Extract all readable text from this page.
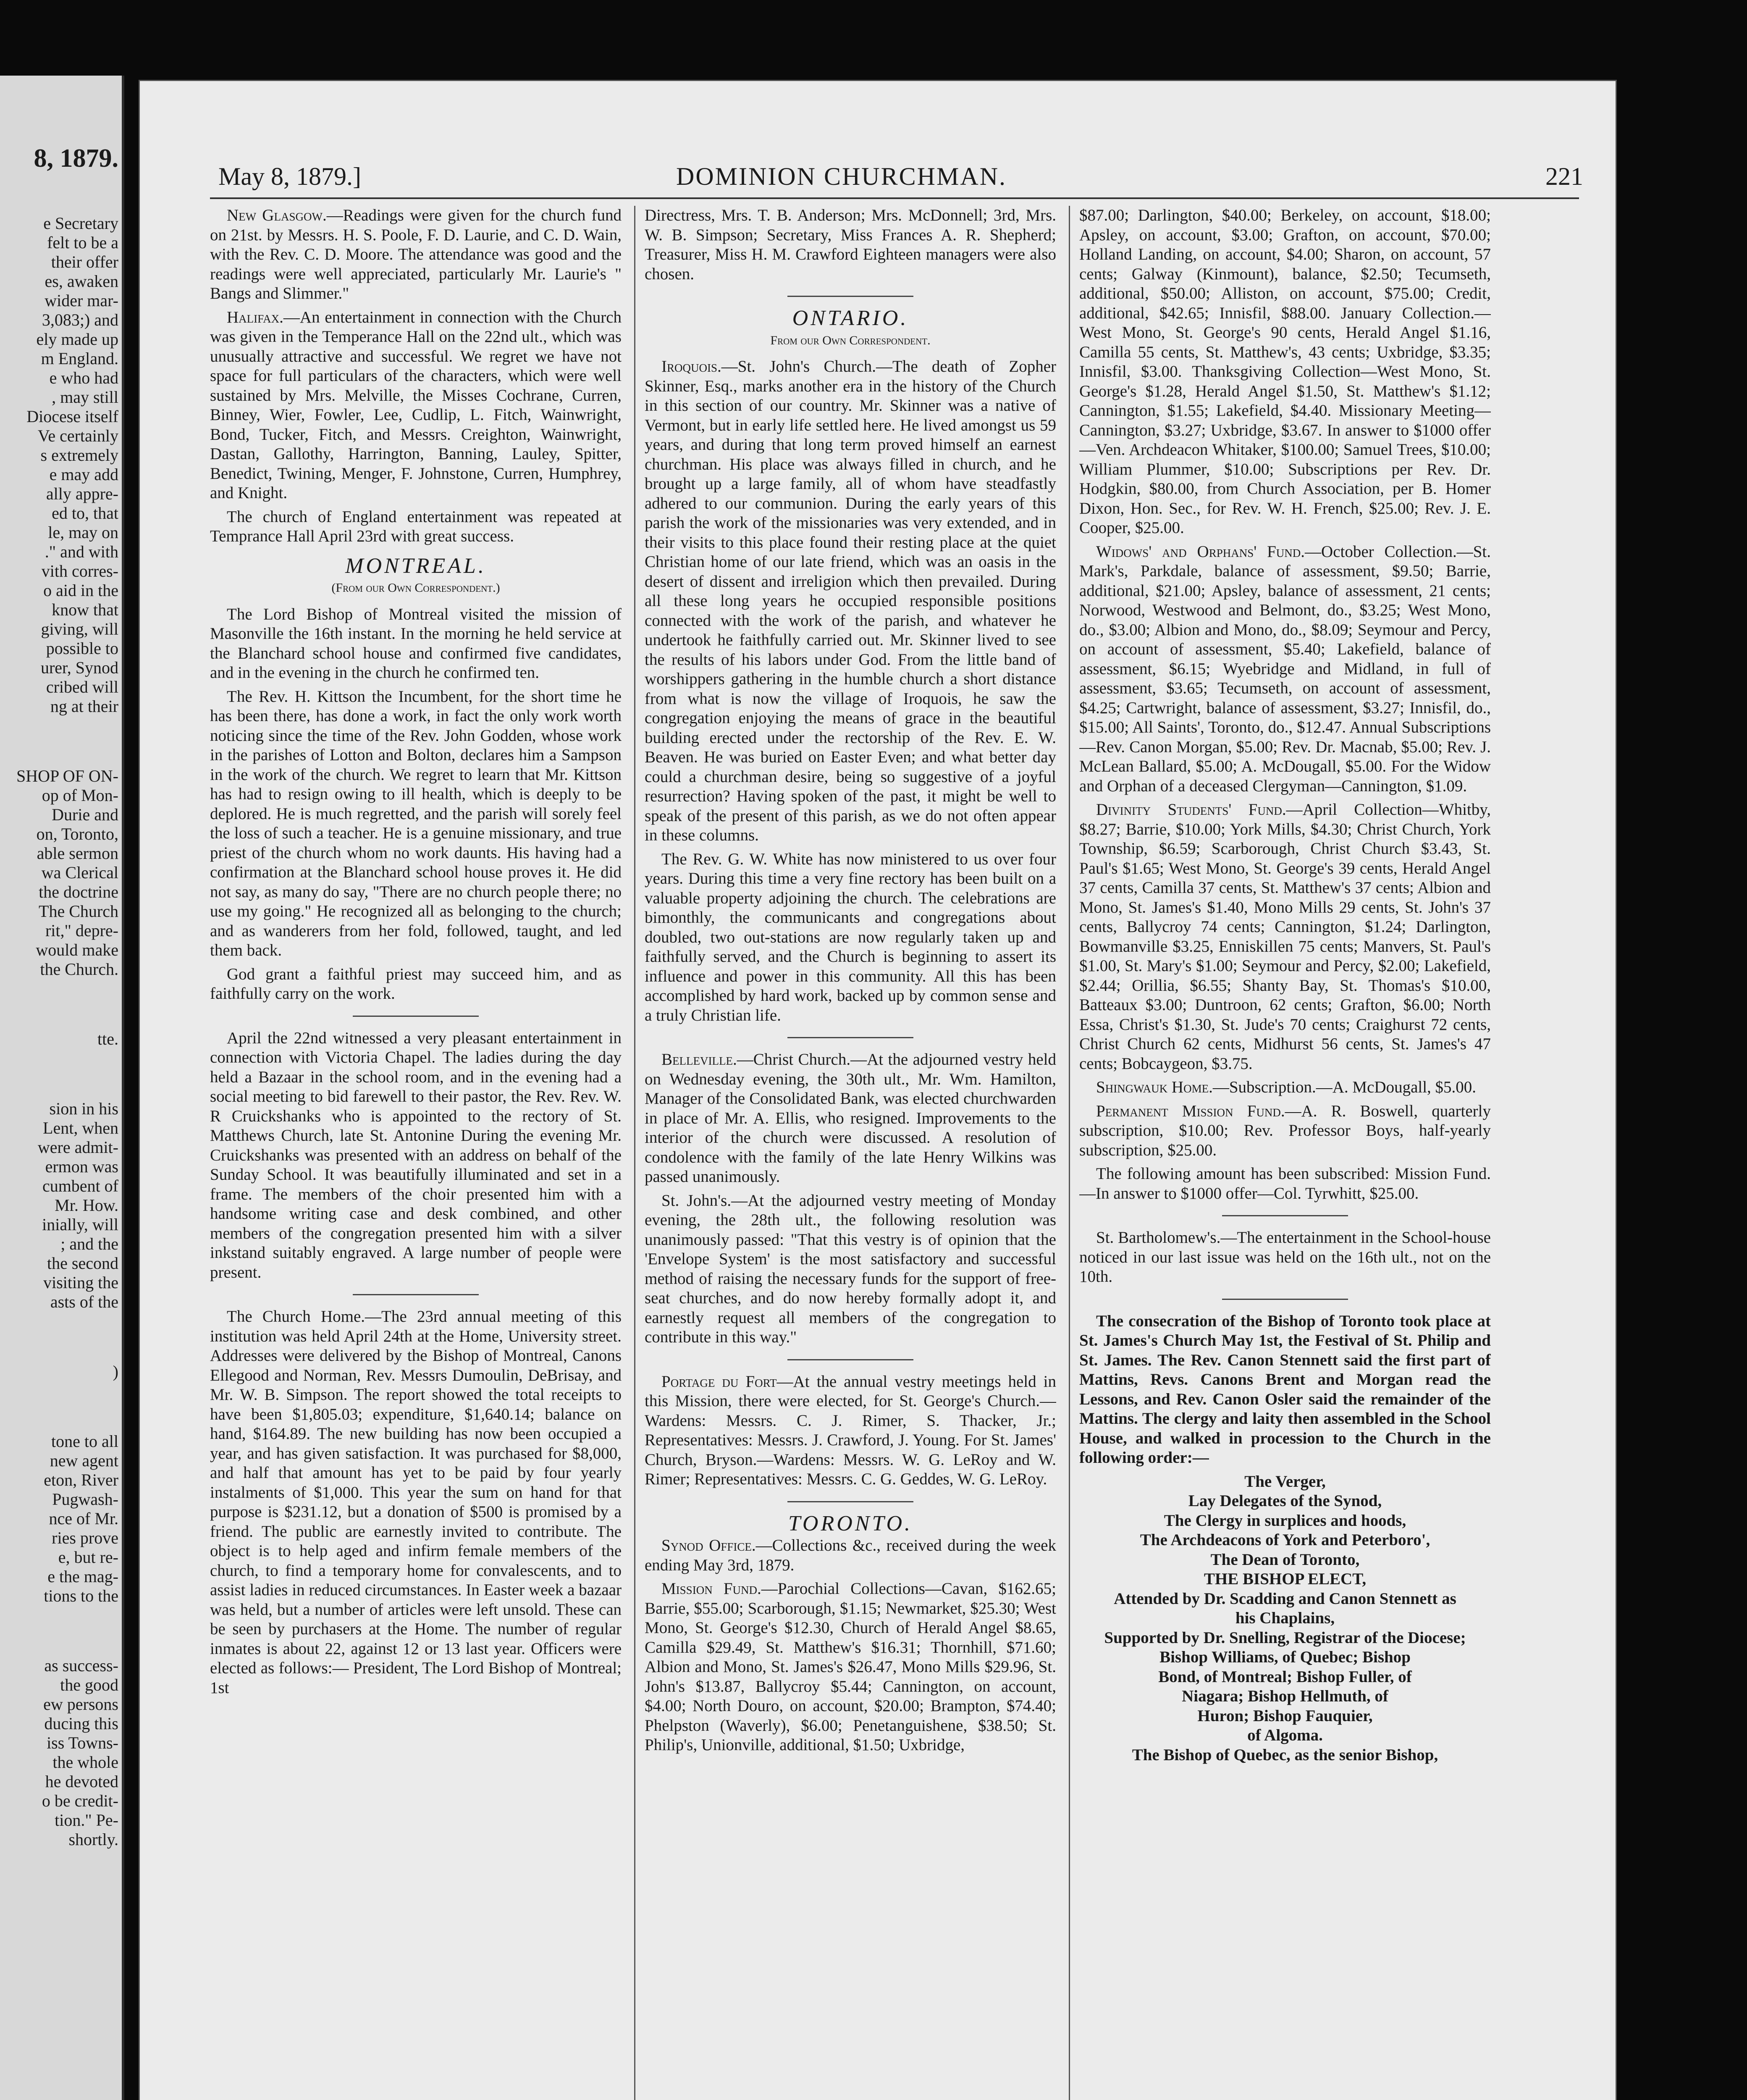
8, 1879.
e Secretary
felt to be a
their offer
es, awaken
wider mar-
3,083;) and
ely made up
m England.
e who had
, may still
Diocese itself
Ve certainly
s extremely
e may add
ally appre-
ed to, that
le, may on
." and with
vith corres-
o aid in the
know that
giving, will
possible to
urer, Synod
cribed will
ng at their
SHOP OF ON-
op of Mon-
Durie and
on, Toronto,
able sermon
wa Clerical
the doctrine
The Church
rit," depre-
would make
the Church.
tte.
sion in his
Lent, when
were admit-
ermon was
cumbent of
Mr. How.
inially, will
; and the
the second
visiting the
asts of the
)
tone to all
new agent
eton, River
Pugwash-
nce of Mr.
ries prove
e, but re-
e the mag-
tions to the
as success-
the good
ew persons
ducing this
iss Towns-
the whole
he devoted
o be credit-
tion." Pe-
shortly.
May 8, 1879.]	DOMINION CHURCHMAN.	221

New Glasgow.—Readings were given for the church fund on 21st. by Messrs. H. S. Poole, F. D. Laurie, and C. D. Wain, with the Rev. C. D. Moore. The attendance was good and the readings were well appreciated, particularly Mr. Laurie's " Bangs and Slimmer."

Halifax.—An entertainment in connection with the Church was given in the Temperance Hall on the 22nd ult., which was unusually attractive and successful. We regret we have not space for full particulars of the characters, which were well sustained by Mrs. Melville, the Misses Cochrane, Curren, Binney, Wier, Fowler, Lee, Cudlip, L. Fitch, Wainwright, Bond, Tucker, Fitch, and Messrs. Creighton, Wainwright, Dastan, Gallothy, Harrington, Banning, Lauley, Spitter, Benedict, Twining, Menger, F. Johnstone, Curren, Humphrey, and Knight.

The church of England entertainment was repeated at Temprance Hall April 23rd with great success.

MONTREAL.
(From our Own Correspondent.)

The Lord Bishop of Montreal visited the mission of Masonville the 16th instant. In the morning he held service at the Blanchard school house and confirmed five candidates, and in the evening in the church he confirmed ten.

The Rev. H. Kittson the Incumbent, for the short time he has been there, has done a work, in fact the only work worth noticing since the time of the Rev. John Godden, whose work in the parishes of Lotton and Bolton, declares him a Sampson in the work of the church. We regret to learn that Mr. Kittson has had to resign owing to ill health, which is deeply to be deplored. He is much regretted, and the parish will sorely feel the loss of such a teacher. He is a genuine missionary, and true priest of the church whom no work daunts. His having had a confirmation at the Blanchard school house proves it. He did not say, as many do say, "There are no church people there; no use my going." He recognized all as belonging to the church; and as wanderers from her fold, followed, taught, and led them back.

God grant a faithful priest may succeed him, and as faithfully carry on the work.

April the 22nd witnessed a very pleasant entertainment in connection with Victoria Chapel. The ladies during the day held a Bazaar in the school room, and in the evening had a social meeting to bid farewell to their pastor, the Rev. Rev. W. R Cruickshanks who is appointed to the rectory of St. Matthews Church, late St. Antonine During the evening Mr. Cruickshanks was presented with an address on behalf of the Sunday School. It was beautifully illuminated and set in a frame. The members of the choir presented him with a handsome writing case and desk combined, and other members of the congregation presented him with a silver inkstand suitably engraved. A large number of people were present.

The Church Home.—The 23rd annual meeting of this institution was held April 24th at the Home, University street. Addresses were delivered by the Bishop of Montreal, Canons Ellegood and Norman, Rev. Messrs Dumoulin, DeBrisay, and Mr. W. B. Simpson. The report showed the total receipts to have been $1,805.03; expenditure, $1,640.14; balance on hand, $164.89. The new building has now been occupied a year, and has given satisfaction. It was purchased for $8,000, and half that amount has yet to be paid by four yearly instalments of $1,000. This year the sum on hand for that purpose is $231.12, but a donation of $500 is promised by a friend. The public are earnestly invited to contribute. The object is to help aged and infirm female members of the church, to find a temporary home for convalescents, and to assist ladies in reduced circumstances. In Easter week a bazaar was held, but a number of articles were left unsold. These can be seen by purchasers at the Home. The number of regular inmates is about 22, against 12 or 13 last year. Officers were elected as follows:— President, The Lord Bishop of Montreal; 1st

Directress, Mrs. T. B. Anderson; Mrs. McDonnell; 3rd, Mrs. W. B. Simpson; Secretary, Miss Frances A. R. Shepherd; Treasurer, Miss H. M. Crawford Eighteen managers were also chosen.

ONTARIO.
From our Own Correspondent.

Iroquois.—St. John's Church.—The death of Zopher Skinner, Esq., marks another era in the history of the Church in this section of our country. Mr. Skinner was a native of Vermont, but in early life settled here. He lived amongst us 59 years, and during that long term proved himself an earnest churchman. His place was always filled in church, and he brought up a large family, all of whom have steadfastly adhered to our communion. During the early years of this parish the work of the missionaries was very extended, and in their visits to this place found their resting place at the quiet Christian home of our late friend, which was an oasis in the desert of dissent and irreligion which then prevailed. During all these long years he occupied responsible positions connected with the work of the parish, and whatever he undertook he faithfully carried out. Mr. Skinner lived to see the results of his labors under God. From the little band of worshippers gathering in the humble church a short distance from what is now the village of Iroquois, he saw the congregation enjoying the means of grace in the beautiful building erected under the rectorship of the Rev. E. W. Beaven. He was buried on Easter Even; and what better day could a churchman desire, being so suggestive of a joyful resurrection? Having spoken of the past, it might be well to speak of the present of this parish, as we do not often appear in these columns.

The Rev. G. W. White has now ministered to us over four years. During this time a very fine rectory has been built on a valuable property adjoining the church. The celebrations are bimonthly, the communicants and congregations about doubled, two out-stations are now regularly taken up and faithfully served, and the Church is beginning to assert its influence and power in this community. All this has been accomplished by hard work, backed up by common sense and a truly Christian life.

Belleville.—Christ Church.—At the adjourned vestry held on Wednesday evening, the 30th ult., Mr. Wm. Hamilton, Manager of the Consolidated Bank, was elected churchwarden in place of Mr. A. Ellis, who resigned. Improvements to the interior of the church were discussed. A resolution of condolence with the family of the late Henry Wilkins was passed unanimously.

St. John's.—At the adjourned vestry meeting of Monday evening, the 28th ult., the following resolution was unanimously passed: "That this vestry is of opinion that the 'Envelope System' is the most satisfactory and successful method of raising the necessary funds for the support of free-seat churches, and do now hereby formally adopt it, and earnestly request all members of the congregation to contribute in this way."

Portage du Fort—At the annual vestry meetings held in this Mission, there were elected, for St. George's Church.—Wardens: Messrs. C. J. Rimer, S. Thacker, Jr.; Representatives: Messrs. J. Crawford, J. Young. For St. James' Church, Bryson.—Wardens: Messrs. W. G. LeRoy and W. Rimer; Representatives: Messrs. C. G. Geddes, W. G. LeRoy.

TORONTO.

Synod Office.—Collections &c., received during the week ending May 3rd, 1879.

Mission Fund.—Parochial Collections—Cavan, $162.65; Barrie, $55.00; Scarborough, $1.15; Newmarket, $25.30; West Mono, St. George's $12.30, Church of Herald Angel $8.65, Camilla $29.49, St. Matthew's $16.31; Thornhill, $71.60; Albion and Mono, St. James's $26.47, Mono Mills $29.96, St. John's $13.87, Ballycroy $5.44; Cannington, on account, $4.00; North Douro, on account, $20.00; Brampton, $74.40; Phelpston (Waverly), $6.00; Penetanguishene, $38.50; St. Philip's, Unionville, additional, $1.50; Uxbridge,

$87.00; Darlington, $40.00; Berkeley, on account, $18.00; Apsley, on account, $3.00; Grafton, on account, $70.00; Holland Landing, on account, $4.00; Sharon, on account, 57 cents; Galway (Kinmount), balance, $2.50; Tecumseth, additional, $50.00; Alliston, on account, $75.00; Credit, additional, $42.65; Innisfil, $88.00. January Collection.—West Mono, St. George's 90 cents, Herald Angel $1.16, Camilla 55 cents, St. Matthew's, 43 cents; Uxbridge, $3.35; Innisfil, $3.00. Thanksgiving Collection—West Mono, St. George's $1.28, Herald Angel $1.50, St. Matthew's $1.12; Cannington, $1.55; Lakefield, $4.40. Missionary Meeting—Cannington, $3.27; Uxbridge, $3.67. In answer to $1000 offer—Ven. Archdeacon Whitaker, $100.00; Samuel Trees, $10.00; William Plummer, $10.00; Subscriptions per Rev. Dr. Hodgkin, $80.00, from Church Association, per B. Homer Dixon, Hon. Sec., for Rev. W. H. French, $25.00; Rev. J. E. Cooper, $25.00.

Widows' and Orphans' Fund.—October Collection.—St. Mark's, Parkdale, balance of assessment, $9.50; Barrie, additional, $21.00; Apsley, balance of assessment, 21 cents; Norwood, Westwood and Belmont, do., $3.25; West Mono, do., $3.00; Albion and Mono, do., $8.09; Seymour and Percy, on account of assessment, $5.40; Lakefield, balance of assessment, $6.15; Wyebridge and Midland, in full of assessment, $3.65; Tecumseth, on account of assessment, $4.25; Cartwright, balance of assessment, $3.27; Innisfil, do., $15.00; All Saints', Toronto, do., $12.47. Annual Subscriptions—Rev. Canon Morgan, $5.00; Rev. Dr. Macnab, $5.00; Rev. J. McLean Ballard, $5.00; A. McDougall, $5.00. For the Widow and Orphan of a deceased Clergyman—Cannington, $1.09.

Divinity Students' Fund.—April Collection—Whitby, $8.27; Barrie, $10.00; York Mills, $4.30; Christ Church, York Township, $6.59; Scarborough, Christ Church $3.43, St. Paul's $1.65; West Mono, St. George's 39 cents, Herald Angel 37 cents, Camilla 37 cents, St. Matthew's 37 cents; Albion and Mono, St. James's $1.40, Mono Mills 29 cents, St. John's 37 cents, Ballycroy 74 cents; Cannington, $1.24; Darlington, Bowmanville $3.25, Enniskillen 75 cents; Manvers, St. Paul's $1.00, St. Mary's $1.00; Seymour and Percy, $2.00; Lakefield, $2.44; Orillia, $6.55; Shanty Bay, St. Thomas's $10.00, Batteaux $3.00; Duntroon, 62 cents; Grafton, $6.00; North Essa, Christ's $1.30, St. Jude's 70 cents; Craighurst 72 cents, Christ Church 62 cents, Midhurst 56 cents, St. James's 47 cents; Bobcaygeon, $3.75.

Shingwauk Home.—Subscription.—A. McDougall, $5.00.

Permanent Mission Fund.—A. R. Boswell, quarterly subscription, $10.00; Rev. Professor Boys, half-yearly subscription, $25.00.

The following amount has been subscribed: Mission Fund.—In answer to $1000 offer—Col. Tyrwhitt, $25.00.

St. Bartholomew's.—The entertainment in the School-house noticed in our last issue was held on the 16th ult., not on the 10th.

The consecration of the Bishop of Toronto took place at St. James's Church May 1st, the Festival of St. Philip and St. James. The Rev. Canon Stennett said the first part of Mattins, Revs. Canons Brent and Morgan read the Lessons, and Rev. Canon Osler said the remainder of the Mattins. The clergy and laity then assembled in the School House, and walked in procession to the Church in the following order:—

The Verger,

Lay Delegates of the Synod,

The Clergy in surplices and hoods,

The Archdeacons of York and Peterboro',

The Dean of Toronto,

THE BISHOP ELECT,

Attended by Dr. Scadding and Canon Stennett as

his Chaplains,

Supported by Dr. Snelling, Registrar of the Diocese; Bishop Williams, of Quebec; Bishop

Bond, of Montreal; Bishop Fuller, of

Niagara; Bishop Hellmuth, of

Huron; Bishop Fauquier,

of Algoma.

The Bishop of Quebec, as the senior Bishop,
